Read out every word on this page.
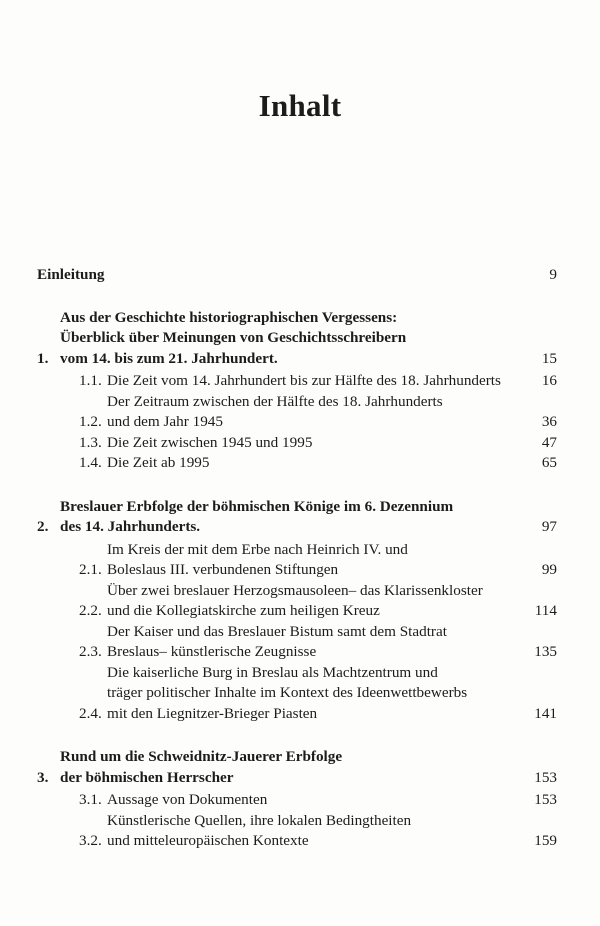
Inhalt
Einleitung	9
1.
Aus der Geschichte historiographischen Vergessens:
Überblick über Meinungen von Geschichtsschreibern
vom 14. bis zum 21. Jahrhundert.	15
1.1. Die Zeit vom 14. Jahrhundert bis zur Hälfte des 18. Jahrhunderts	16
1.2.
Der Zeitraum zwischen der Hälfte des 18. Jahrhunderts
und dem Jahr 1945	36
1.3. Die Zeit zwischen 1945 und 1995	47
1.4. Die Zeit ab 1995	65
2.
Breslauer Erbfolge der böhmischen Könige im 6. Dezennium
des 14. Jahrhunderts.	97
2.1.
Im Kreis der mit dem Erbe nach Heinrich IV. und
Boleslaus III. verbundenen Stiftungen	99
2.2.
Über zwei breslauer Herzogsmausoleen– das Klarissenkloster
und die Kollegiatskirche zum heiligen Kreuz	114
2.3.
Der Kaiser und das Breslauer Bistum samt dem Stadtrat
Breslaus– künstlerische Zeugnisse	135
2.4.
Die kaiserliche Burg in Breslau als Machtzentrum und
träger politischer Inhalte im Kontext des Ideenwettbewerbs
mit den Liegnitzer-Brieger Piasten	141
3.
Rund um die Schweidnitz-Jauerer Erbfolge
der böhmischen Herrscher	153
3.1. Aussage von Dokumenten	153
3.2.
Künstlerische Quellen, ihre lokalen Bedingtheiten
und mitteleuropäischen Kontexte	159
